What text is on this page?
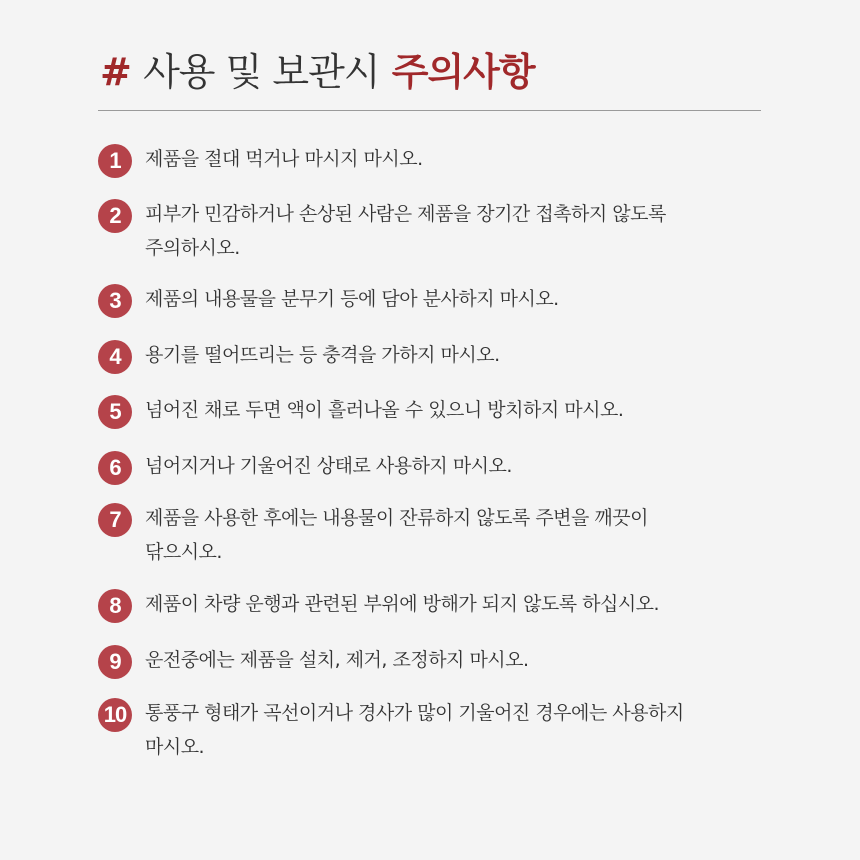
# 사용 및 보관시 주의사항
1	제품을 절대 먹거나 마시지 마시오.
2	피부가 민감하거나 손상된 사람은 제품을 장기간 접촉하지 않도록
주의하시오.
3	제품의 내용물을 분무기 등에 담아 분사하지 마시오.
4	용기를 떨어뜨리는 등 충격을 가하지 마시오.
5	넘어진 채로 두면 액이 흘러나올 수 있으니 방치하지 마시오.
6	넘어지거나 기울어진 상태로 사용하지 마시오.
7	제품을 사용한 후에는 내용물이 잔류하지 않도록 주변을 깨끗이
닦으시오.
8	제품이 차량 운행과 관련된 부위에 방해가 되지 않도록 하십시오.
9	운전중에는 제품을 설치, 제거, 조정하지 마시오.
10 통풍구 형태가 곡선이거나 경사가 많이 기울어진 경우에는 사용하지
마시오.
